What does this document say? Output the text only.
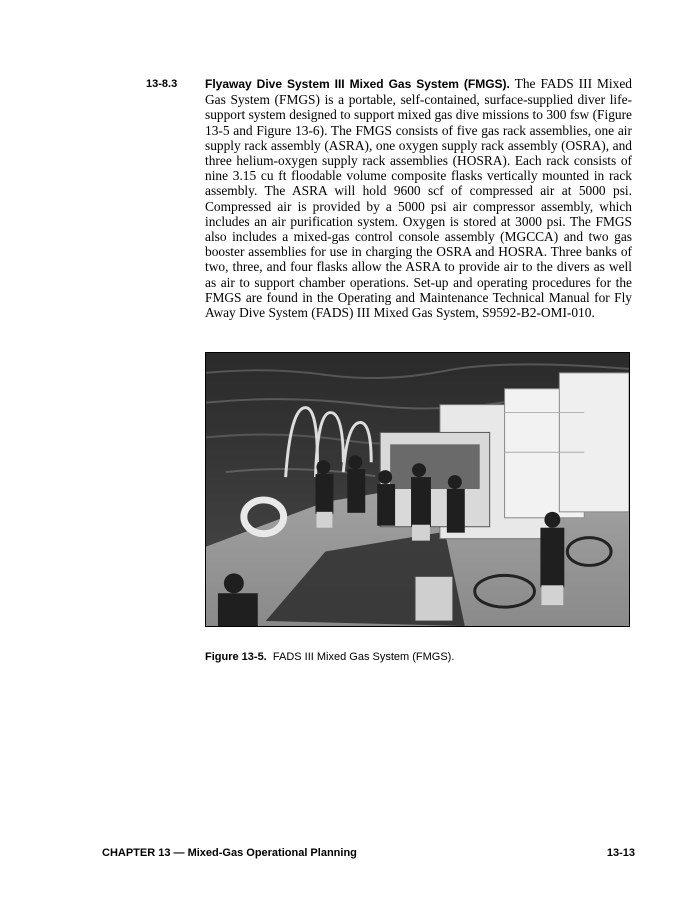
13-8.3 Flyaway Dive System III Mixed Gas System (FMGS). The FADS III Mixed Gas System (FMGS) is a portable, self-contained, surface-supplied diver life-support system designed to support mixed gas dive missions to 300 fsw (Figure 13-5 and Figure 13-6). The FMGS consists of five gas rack assemblies, one air supply rack assembly (ASRA), one oxygen supply rack assembly (OSRA), and three helium-oxygen supply rack assemblies (HOSRA). Each rack consists of nine 3.15 cu ft floodable volume composite flasks vertically mounted in rack assembly. The ASRA will hold 9600 scf of compressed air at 5000 psi. Compressed air is provided by a 5000 psi air compressor assembly, which includes an air purification system. Oxygen is stored at 3000 psi. The FMGS also includes a mixed-gas control console assembly (MGCCA) and two gas booster assemblies for use in charging the OSRA and HOSRA. Three banks of two, three, and four flasks allow the ASRA to provide air to the divers as well as air to support chamber operations. Set-up and operating procedures for the FMGS are found in the Operating and Maintenance Technical Manual for Fly Away Dive System (FADS) III Mixed Gas System, S9592-B2-OMI-010.
Figure 13-5. FADS III Mixed Gas System (FMGS).
CHAPTER 13 — Mixed-Gas Operational Planning	13-13
